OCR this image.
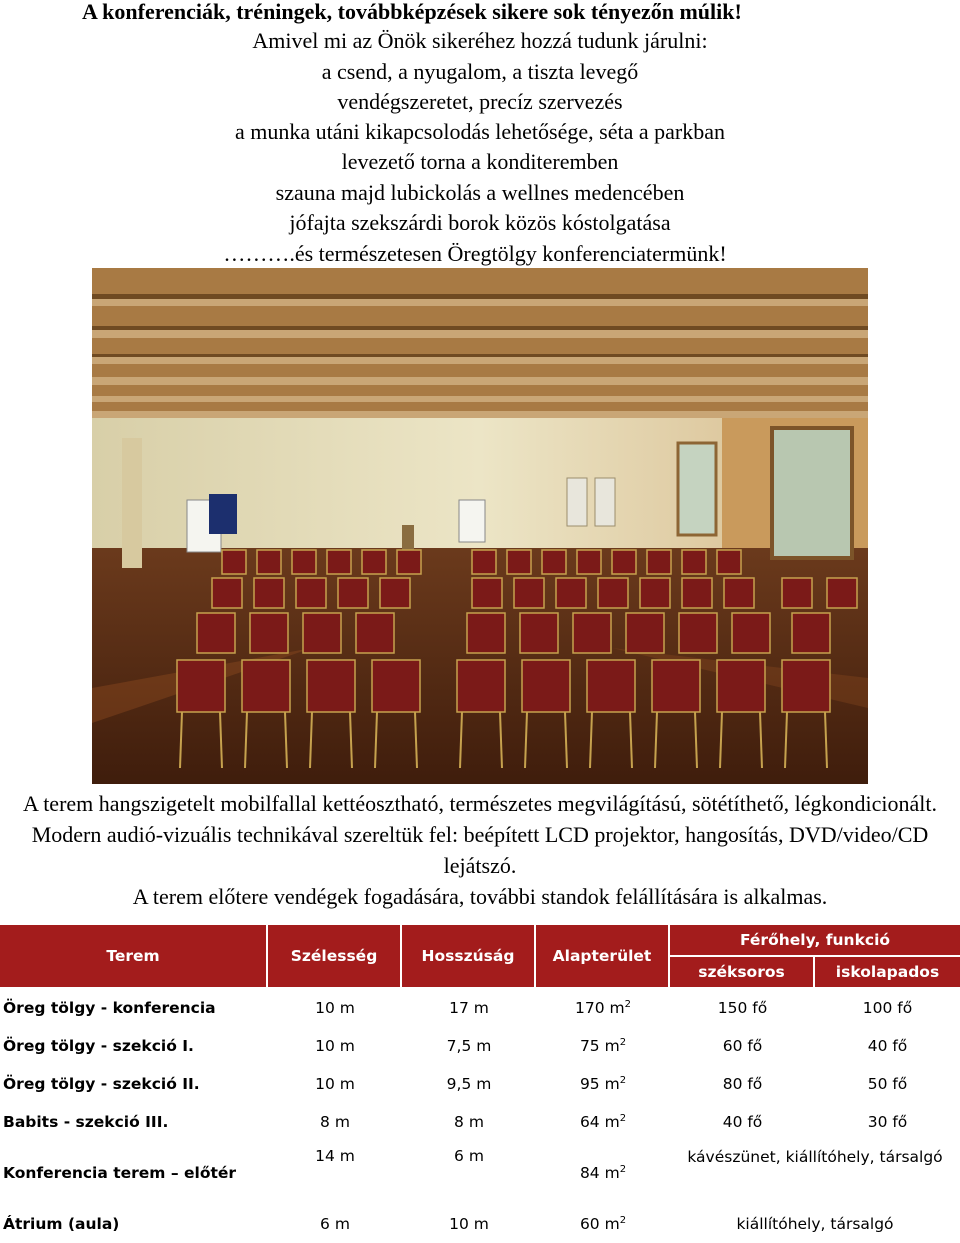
A konferenciák, tréningek, továbbképzések sikere sok tényezőn múlik!
Amivel mi az Önök sikeréhez hozzá tudunk járulni:
a csend, a nyugalom, a tiszta levegő
vendégszeretet, precíz szervezés
a munka utáni kikapcsolodás lehetősége, séta a parkban
levezető torna a konditeremben
szauna majd lubickolás a wellnes medencében
jófajta szekszárdi borok közös kóstolgatása
……….és természetesen Öregtölgy konferenciatermünk!

A terem hangszigetelt mobilfallal kettéosztható, természetes megvilágítású, sötétíthető, légkondicionált. Modern audió-vizuális technikával szereltük fel: beépített LCD projektor, hangosítás, DVD/video/CD lejátszó.

A terem előtere vendégek fogadására, további standok felállítására is alkalmas.

Terem	Szélesség	Hosszúság	Alapterület	Férőhely, funkció	
				széksoros	iskolapados
Öreg tölgy - konferencia	10 m	17 m	170 $m^2$	150 fő	100 fő
Öreg tölgy - szekció I.	10 m	7,5 m	75 $m^2$	60 fő	40 fő
Öreg tölgy - szekció II.	10 m	9,5 m	95 $m^2$	80 fő	50 fő
Babits - szekció III.	8 m	8 m	64 $m^2$	40 fő	30 fő
Konferencia terem – előtér	14 m	6 m	84 $m^2$	kávészünet, kiállítóhely, társalgó	
Átrium (aula)	6 m	10 m	60 $m^2$	kiállítóhely, társalgó	
